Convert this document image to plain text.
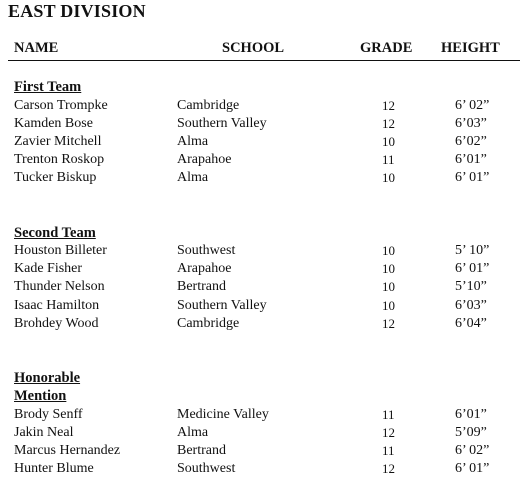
EAST DIVISION
NAME	SCHOOL	GRADE HEIGHT
First Team
Carson Trompke	Cambridge	12	6’ 02”
Kamden Bose	Southern Valley	12	6’03”
Zavier Mitchell	Alma	10	6’02”
Trenton Roskop	Arapahoe	11	6’01”
Tucker Biskup	Alma	10	6’ 01”
Second Team
Houston Billeter	Southwest	10	5’ 10”
Kade Fisher	Arapahoe	10	6’ 01”
Thunder Nelson	Bertrand	10	5’10”
Isaac Hamilton	Southern Valley	10	6’03”
Brohdey Wood	Cambridge	12	6’04”
Honorable
Mention
Brody Senff	Medicine Valley	11	6’01”
Jakin Neal	Alma	12	5’09”
Marcus Hernandez	Bertrand	11	6’ 02”
Hunter Blume	Southwest	12	6’ 01”
